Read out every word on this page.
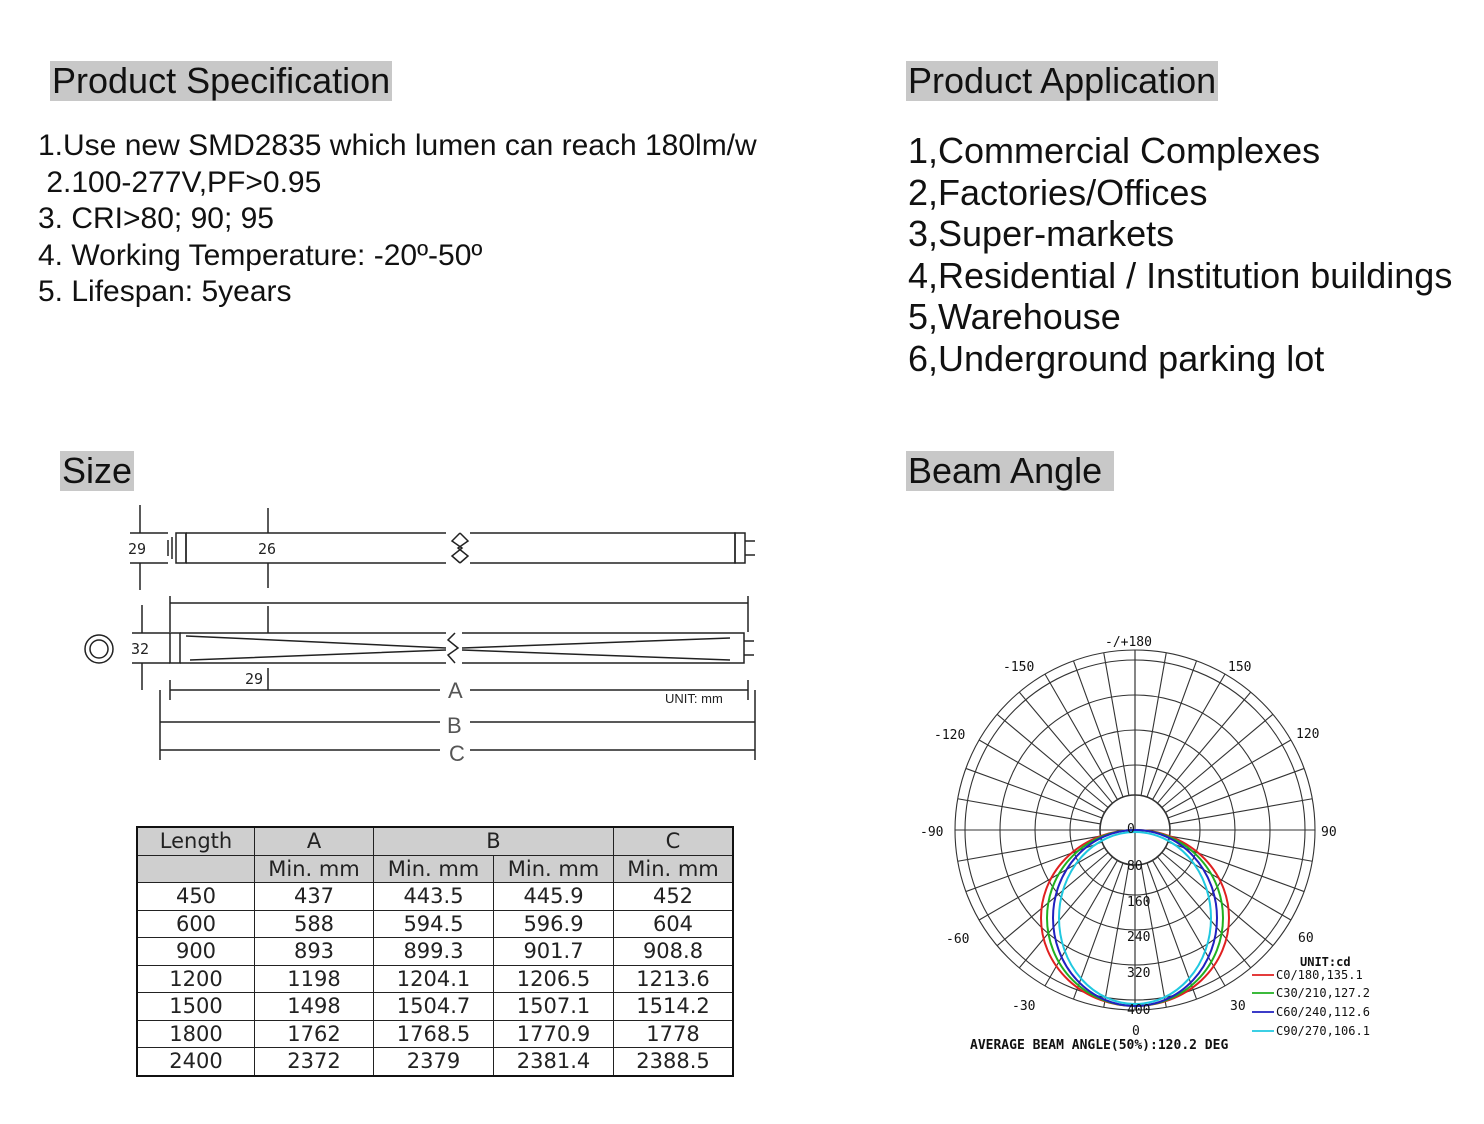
Product Specification	Product Application
Size	Beam Angle
1.Use new SMD2835 which lumen can reach 180lm/w
2.100-277V,PF>0.95
3. CRI>80; 90; 95
4. Working Temperature: -20º-50º
5. Lifespan: 5years
1,Commercial Complexes
2,Factories/Offices
3,Super-markets
4,Residential / Institution buildings
5,Warehouse
6,Underground parking lot
29	26
32
29	A
B
C
UNIT: mm
Length	A	B		C
	Min. mm	Min. mm	Min. mm	Min. mm
450	437	443.5	445.9	452
600	588	594.5	596.9	604
900	893	899.3	901.7	908.8
1200	1198	1204.1	1206.5	1213.6
1500	1498	1504.7	1507.1	1514.2
1800	1762	1768.5	1770.9	1778
2400	2372	2379	2381.4	2388.5
-/+180
-150	150
-120	120
-90	90
-60	60
-30	30
0
0
80
160
240
320
400
UNIT:cd
C0/180,135.1
C30/210,127.2
C60/240,112.6
C90/270,106.1
AVERAGE BEAM ANGLE(50%):120.2 DEG
